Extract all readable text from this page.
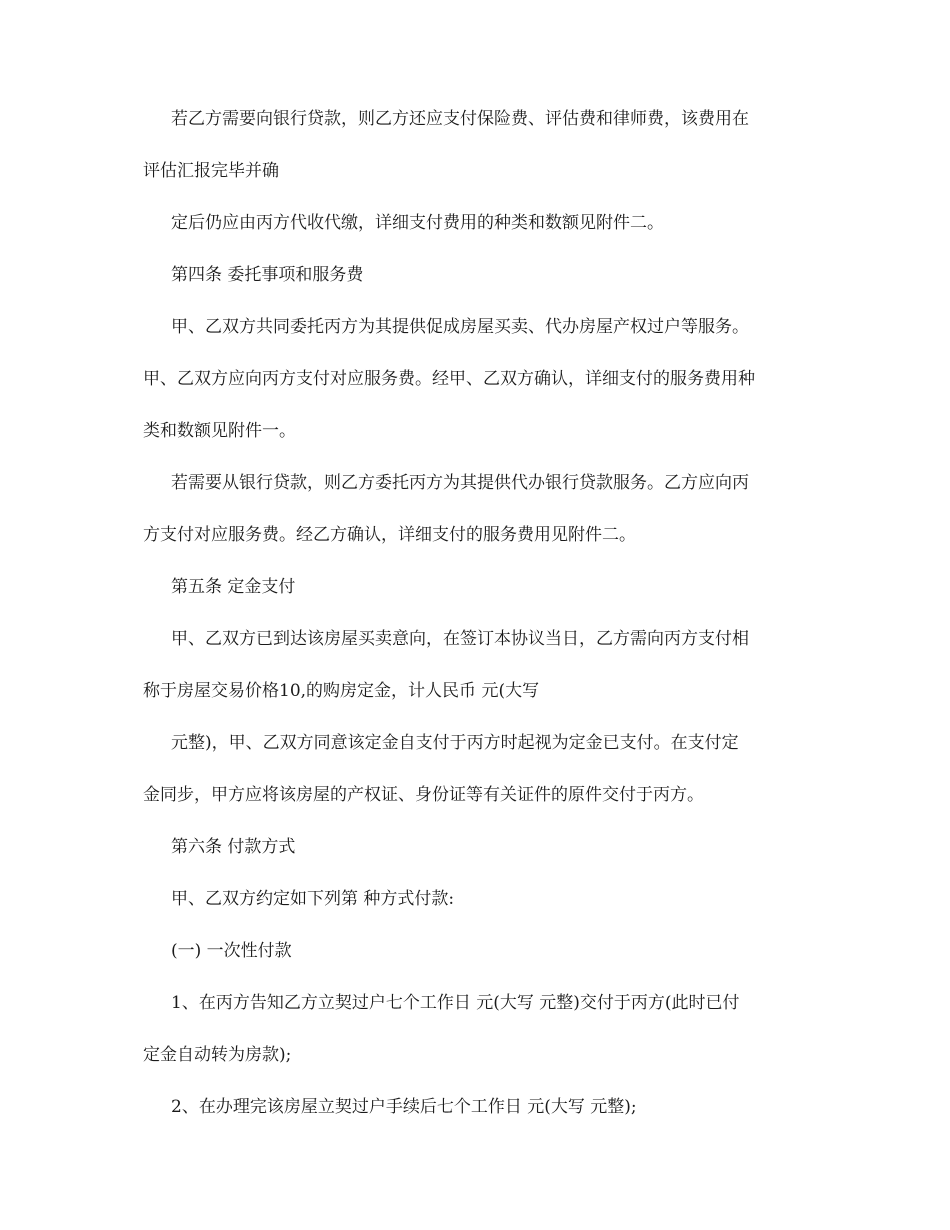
若乙方需要向银行贷款，则乙方还应支付保险费、评估费和律师费，该费用在
评估汇报完毕并确
定后仍应由丙方代收代缴，详细支付费用的种类和数额见附件二。
第四条 委托事项和服务费
甲、乙双方共同委托丙方为其提供促成房屋买卖、代办房屋产权过户等服务。
甲、乙双方应向丙方支付对应服务费。经甲、乙双方确认，详细支付的服务费用种
类和数额见附件一。
若需要从银行贷款，则乙方委托丙方为其提供代办银行贷款服务。乙方应向丙
方支付对应服务费。经乙方确认，详细支付的服务费用见附件二。
第五条 定金支付
甲、乙双方已到达该房屋买卖意向，在签订本协议当日，乙方需向丙方支付相
称于房屋交易价格10,的购房定金，计人民币 元(大写
元整)，甲、乙双方同意该定金自支付于丙方时起视为定金已支付。在支付定
金同步，甲方应将该房屋的产权证、身份证等有关证件的原件交付于丙方。
第六条 付款方式
甲、乙双方约定如下列第 种方式付款:
(一) 一次性付款
1、在丙方告知乙方立契过户七个工作日 元(大写 元整)交付于丙方(此时已付
定金自动转为房款);
2、在办理完该房屋立契过户手续后七个工作日 元(大写 元整);
